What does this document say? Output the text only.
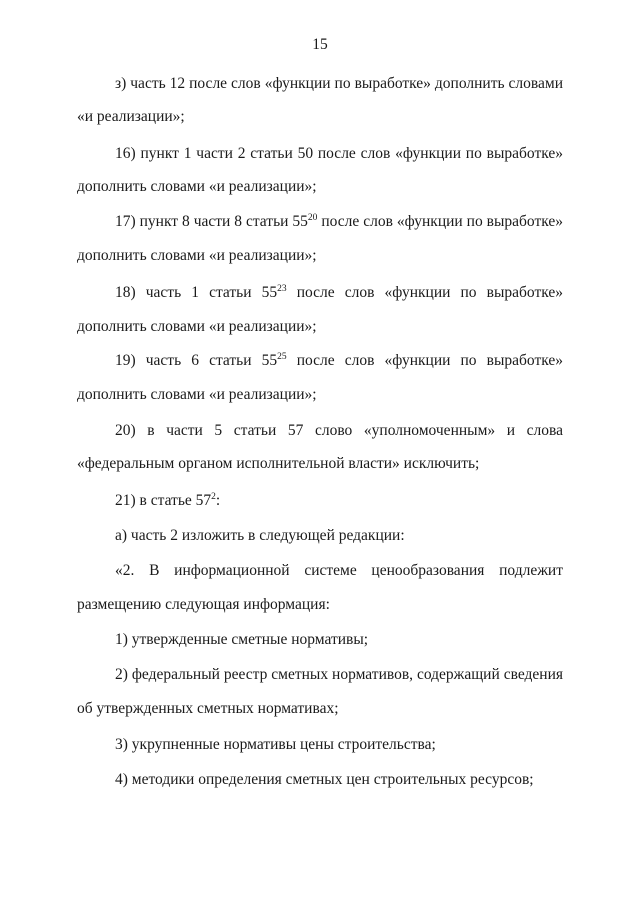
15
з) часть 12 после слов «функции по выработке» дополнить словами
«и реализации»;
16) пункт 1 части 2 статьи 50 после слов «функции по выработке»
дополнить словами «и реализации»;
17) пункт 8 части 8 статьи $55^{20}$ после слов «функции по выработке»
дополнить словами «и реализации»;
18) часть 1 статьи $55^{23}$ после слов «функции по выработке»
дополнить словами «и реализации»;
19) часть 6 статьи $55^{25}$ после слов «функции по выработке»
дополнить словами «и реализации»;
20) в части 5 статьи 57 слово «уполномоченным» и слова
«федеральным органом исполнительной власти» исключить;
21) в статье $57^2$:
а) часть 2 изложить в следующей редакции:
«2. В информационной системе ценообразования подлежит
размещению следующая информация:
1) утвержденные сметные нормативы;
2) федеральный реестр сметных нормативов, содержащий сведения
об утвержденных сметных нормативах;
3) укрупненные нормативы цены строительства;
4) методики определения сметных цен строительных ресурсов;
